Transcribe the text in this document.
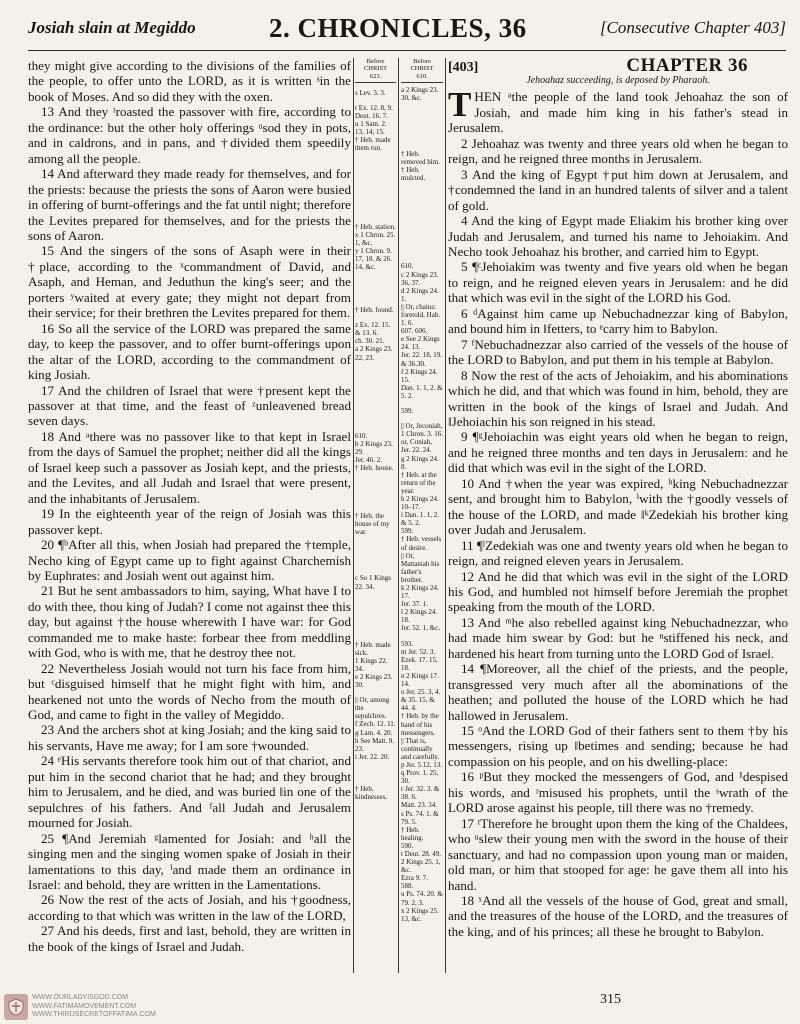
Josiah slain at Megiddo	2. CHRONICLES, 36	[Consecutive Chapter 403]

they might give according to the divisions of the families of the people, to offer unto the LORD, as it is written ˢin the book of Moses. And so did they with the oxen.

13 And they ᵗroasted the passover with fire, according to the ordinance: but the other holy offerings ᵘsod they in pots, and in caldrons, and in pans, and †divided them speedily among all the people.

14 And afterward they made ready for themselves, and for the priests: because the priests the sons of Aaron were busied in offering of burnt-offerings and the fat until night; therefore the Levites prepared for themselves, and for the priests the sons of Aaron.

15 And the singers of the sons of Asaph were in their †place, according to the ˣcommandment of David, and Asaph, and Heman, and Jeduthun the king's seer; and the porters ʸwaited at every gate; they might not depart from their service; for their brethren the Levites prepared for them.

16 So all the service of the LORD was prepared the same day, to keep the passover, and to offer burnt-offerings upon the altar of the LORD, according to the commandment of king Josiah.

17 And the children of Israel that were †present kept the passover at that time, and the feast of ᶻunleavened bread seven days.

18 And ᵃthere was no passover like to that kept in Israel from the days of Samuel the prophet; neither did all the kings of Israel keep such a passover as Josiah kept, and the priests, and the Levites, and all Judah and Israel that were present, and the inhabitants of Jerusalem.

19 In the eighteenth year of the reign of Josiah was this passover kept.

20 ¶ᵇAfter all this, when Josiah had prepared the †temple, Necho king of Egypt came up to fight against Charchemish by Euphrates: and Josiah went out against him.

21 But he sent ambassadors to him, saying, What have I to do with thee, thou king of Judah? I come not against thee this day, but against †the house wherewith I have war: for God commanded me to make haste: forbear thee from meddling with God, who is with me, that he destroy thee not.

22 Nevertheless Josiah would not turn his face from him, but ᶜdisguised himself that he might fight with him, and hearkened not unto the words of Necho from the mouth of God, and came to fight in the valley of Megiddo.

23 And the archers shot at king Josiah; and the king said to his servants, Have me away; for I am sore †wounded.

24 ᵉHis servants therefore took him out of that chariot, and put him in the second chariot that he had; and they brought him to Jerusalem, and he died, and was buried ‖in one of the sepulchres of his fathers. And ᶠall Judah and Jerusalem mourned for Josiah.

25 ¶And Jeremiah ᵍlamented for Josiah: and ʰall the singing men and the singing women spake of Josiah in their lamentations to this day, ⁱand made them an ordinance in Israel: and behold, they are written in the Lamentations.

26 Now the rest of the acts of Josiah, and his †goodness, according to that which was written in the law of the LORD,

27 And his deeds, first and last, behold, they are written in the book of the kings of Israel and Judah.

Before
CHRIST
623.
s Lev. 3. 3.
t Ex. 12. 8, 9.
Deut. 16. 7.
u 1 Sam. 2. 13, 14, 15.
† Heb. made them run.
† Heb. station.
x 1 Chron. 25. 1, &c.
y 1 Chron. 9. 17, 18. & 26. 14, &c.
† Heb. found.
z Ex. 12. 15. & 13. 6.
ch. 30. 21.
a 2 Kings 23. 22, 23.
610.
b 2 Kings 23. 29.
Jer. 46. 2.
† Heb. house.
† Heb. the house of my war.
c So 1 Kings 22. 34.
† Heb. made sick.
1 Kings 22. 34.
e 2 Kings 23. 30.
|| Or, among the sepulchres.
f Zech. 12. 11.
g Lam. 4. 20.
h See Matt. 9. 23.
i Jer. 22. 20.
† Heb. kindnesses.
Before
CHRIST
610.
a 2 Kings 23. 30, &c.
† Heb. removed him.
† Heb. mulcted.
610.
c 2 Kings 23. 36, 37.
d 2 Kings 24. 1.
|| Or, chains: foretold, Hab. 1. 6.
607. 606.
e See 2 Kings 24. 13.
Jer. 22. 18, 19. & 36.30.
f 2 Kings 24. 15.
Dan. 1. 1, 2. & 5. 2.
599.
|| Or, Jeconiah, 1 Chron. 3. 16. or, Coniah, Jer. 22. 24.
g 2 Kings 24. 8.
† Heb. at the return of the year.
h 2 Kings 24. 10–17.
i Dan. 1. 1, 2. & 5. 2.
599.
† Heb. vessels of desire.
|| Or, Mattaniah his father's brother.
k 2 Kings 24. 17.
Jer. 37. 1.
l 2 Kings 24. 18.
Jer. 52. 1, &c.
593.
m Jer. 52. 3.
Ezek. 17. 15, 18.
n 2 Kings 17. 14.
o Jer. 25. 3, 4. & 35. 15. & 44. 4.
† Heb. by the hand of his messengers.
|| That is, continually and carefully.
p Jer. 5.12, 13.
q Prov. 1. 25, 30.
r Jer. 32. 3. & 38. 6.
Matt. 23. 34.
s Ps. 74. 1. & 79. 5.
† Heb. healing.
590.
t Deut. 28. 49.
2 Kings 25. 1, &c.
Ezra 9. 7.
588.
u Ps. 74. 20. & 79. 2, 3.
x 2 Kings 25. 13, &c.
[403]	CHAPTER 36
Jehoahaz succeeding, is deposed by Pharaoh.

THEN ᵃthe people of the land took Jehoahaz the son of Josiah, and made him king in his father's stead in Jerusalem.

2 Jehoahaz was twenty and three years old when he began to reign, and he reigned three months in Jerusalem.

3 And the king of Egypt †put him down at Jerusalem, and †condemned the land in an hundred talents of silver and a talent of gold.

4 And the king of Egypt made Eliakim his brother king over Judah and Jerusalem, and turned his name to Jehoiakim. And Necho took Jehoahaz his brother, and carried him to Egypt.

5 ¶ᶜJehoiakim was twenty and five years old when he began to reign, and he reigned eleven years in Jerusalem: and he did that which was evil in the sight of the LORD his God.

6 ᵈAgainst him came up Nebuchadnezzar king of Babylon, and bound him in ‖fetters, to ᵉcarry him to Babylon.

7 ᶠNebuchadnezzar also carried of the vessels of the house of the LORD to Babylon, and put them in his temple at Babylon.

8 Now the rest of the acts of Jehoiakim, and his abominations which he did, and that which was found in him, behold, they are written in the book of the kings of Israel and Judah. And ‖Jehoiachin his son reigned in his stead.

9 ¶ᵍJehoiachin was eight years old when he began to reign, and he reigned three months and ten days in Jerusalem: and he did that which was evil in the sight of the LORD.

10 And †when the year was expired, ʰking Nebuchadnezzar sent, and brought him to Babylon, ⁱwith the †goodly vessels of the house of the LORD, and made ‖ᵏZedekiah his brother king over Judah and Jerusalem.

11 ¶ˡZedekiah was one and twenty years old when he began to reign, and reigned eleven years in Jerusalem.

12 And he did that which was evil in the sight of the LORD his God, and humbled not himself before Jeremiah the prophet speaking from the mouth of the LORD.

13 And ᵐhe also rebelled against king Nebuchadnezzar, who had made him swear by God: but he ⁿstiffened his neck, and hardened his heart from turning unto the LORD God of Israel.

14 ¶Moreover, all the chief of the priests, and the people, transgressed very much after all the abominations of the heathen; and polluted the house of the LORD which he had hallowed in Jerusalem.

15 ᵒAnd the LORD God of their fathers sent to them †by his messengers, rising up ‖betimes and sending; because he had compassion on his people, and on his dwelling-place:

16 ᵖBut they mocked the messengers of God, and ¹despised his words, and ʳmisused his prophets, until the ˢwrath of the LORD arose against his people, till there was no †remedy.

17 ᵗTherefore he brought upon them the king of the Chaldees, who ᵘslew their young men with the sword in the house of their sanctuary, and had no compassion upon young man or maiden, old man, or him that stooped for age: he gave them all into his hand.

18 ˣAnd all the vessels of the house of God, great and small, and the treasures of the house of the LORD, and the treasures of the king, and of his princes; all these he brought to Babylon.

WWW.OURLADYISGOD.COM
WWW.FATIMAMOVEMENT.COM
WWW.THIRDSECRETOFFATIMA.COM
315
